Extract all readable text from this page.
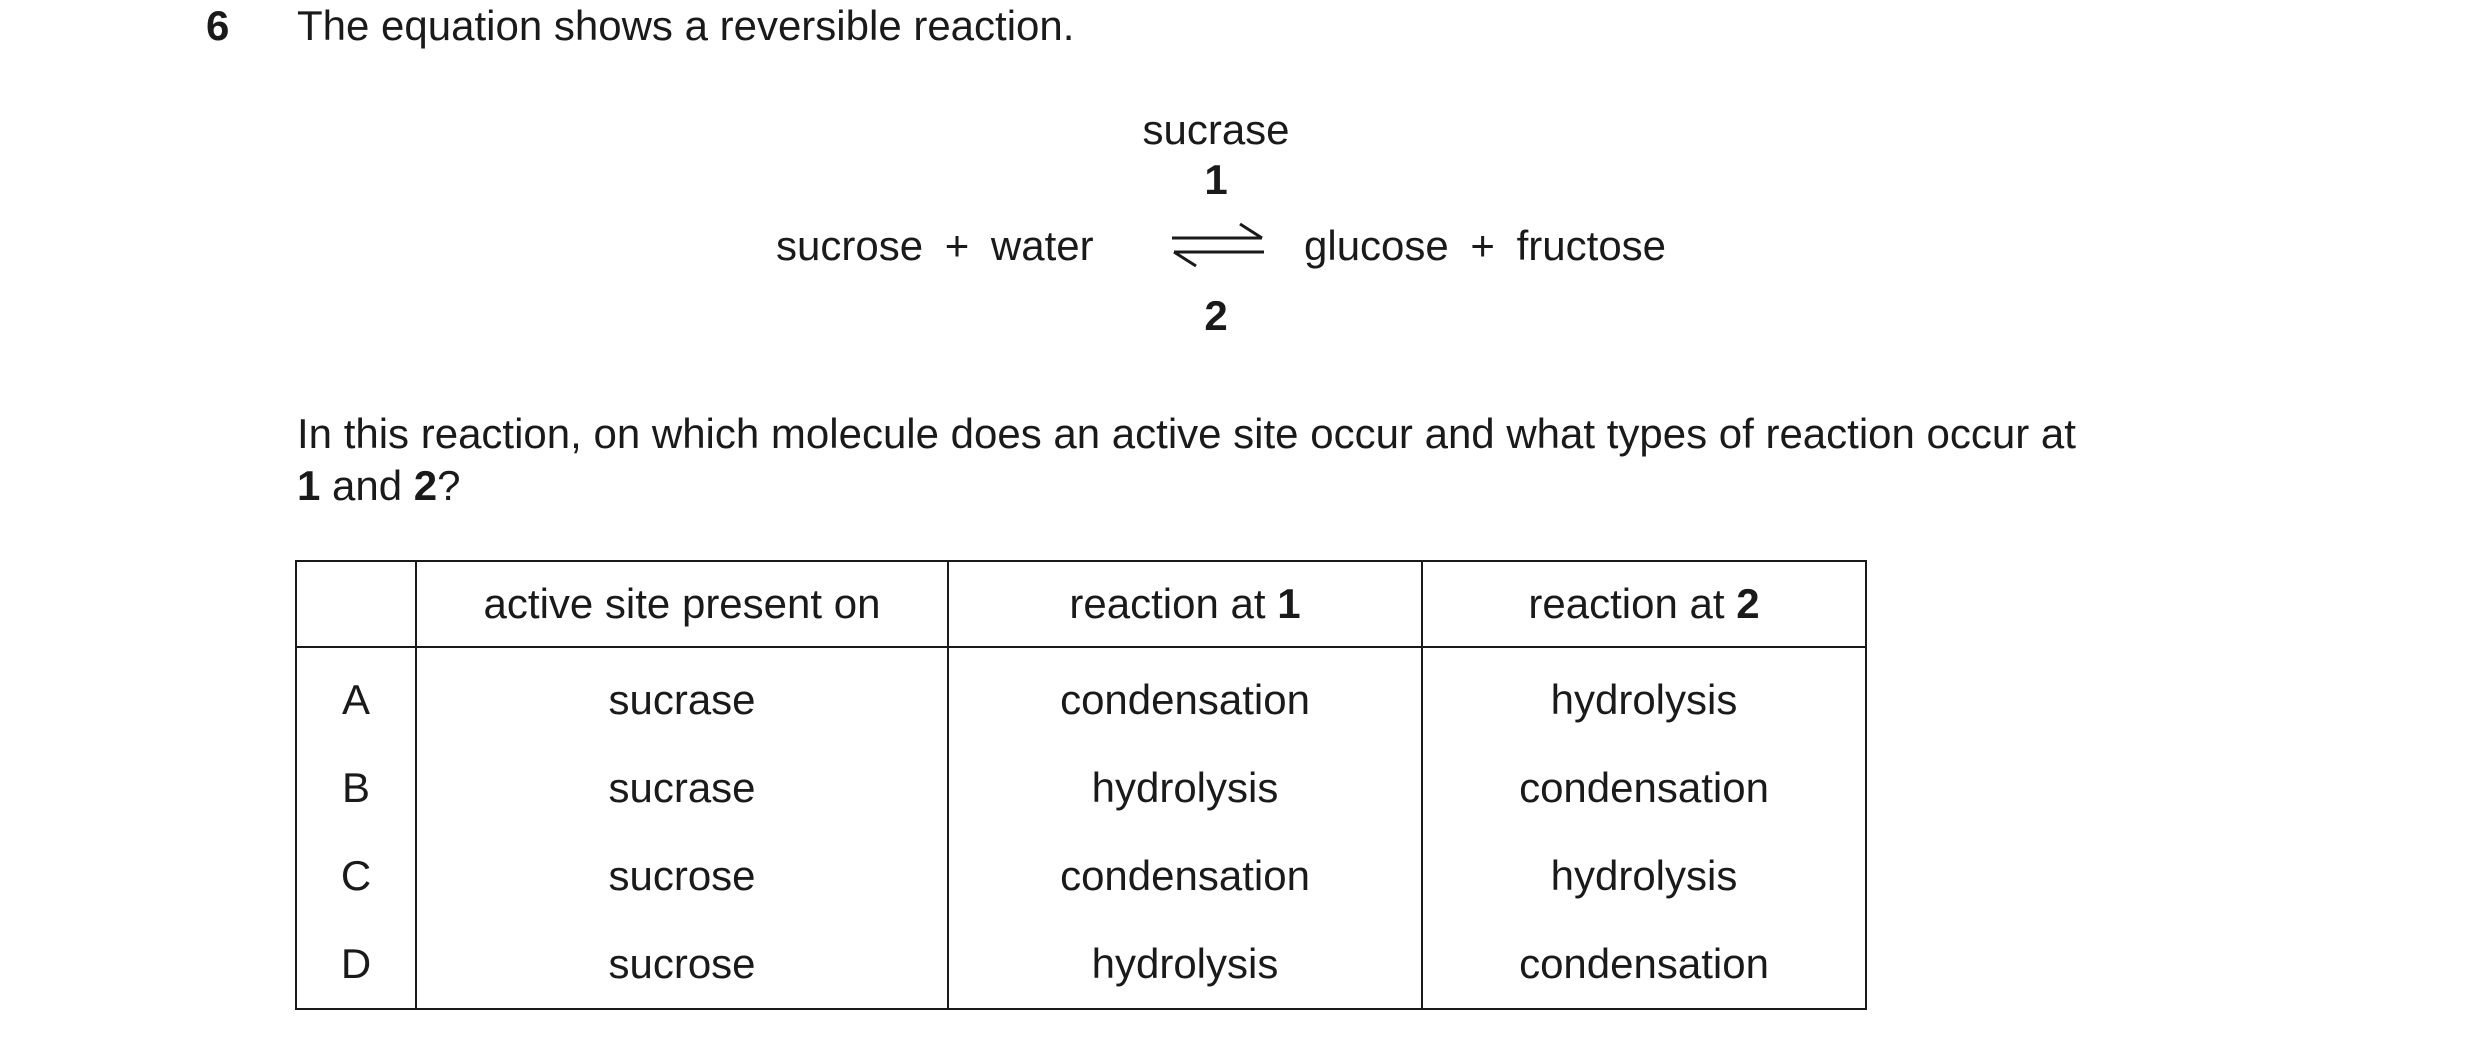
6 The equation shows a reversible reaction.
sucrase
1
sucrose + water	glucose + fructose
2
In this reaction, on which molecule does an active site occur and what types of reaction occur at
1 and 2?
	active site present on	reaction at 1	reaction at 2
A	sucrase	condensation	hydrolysis
B	sucrase	hydrolysis	condensation
C	sucrose	condensation	hydrolysis
D	sucrose	hydrolysis	condensation
